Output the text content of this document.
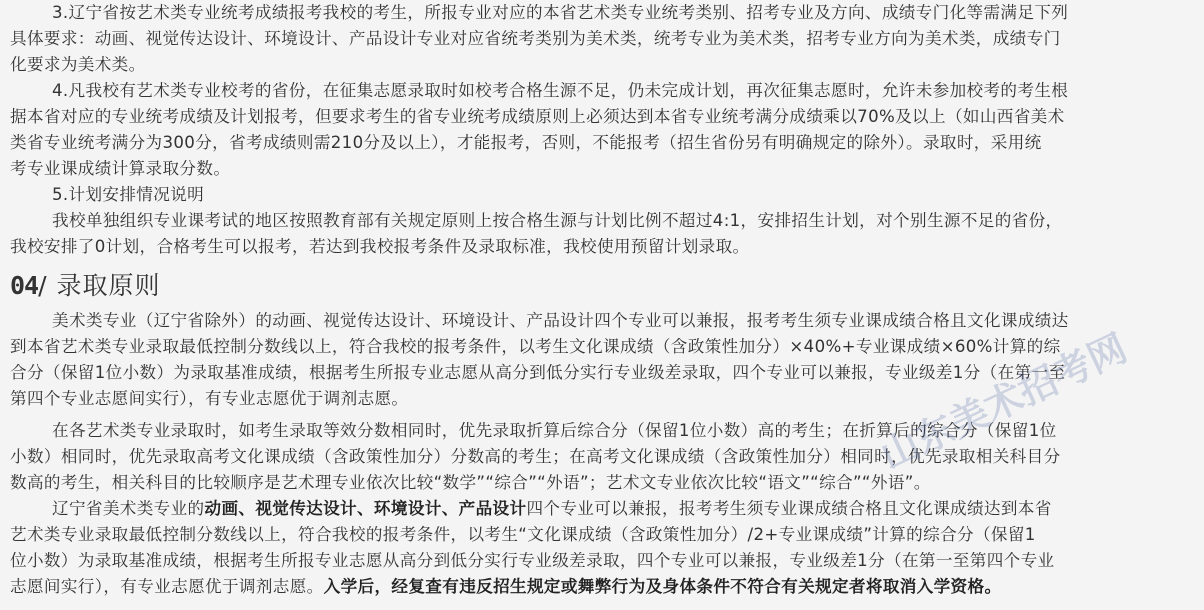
3.辽宁省按艺术类专业统考成绩报考我校的考生，所报专业对应的本省艺术类专业统考类别、招考专业及方向、成绩专门化等需满足下列
具体要求：动画、视觉传达设计、环境设计、产品设计专业对应省统考类别为美术类，统考专业为美术类，招考专业方向为美术类，成绩专门
化要求为美术类。
4.凡我校有艺术类专业校考的省份，在征集志愿录取时如校考合格生源不足，仍未完成计划，再次征集志愿时，允许未参加校考的考生根
据本省对应的专业统考成绩及计划报考，但要求考生的省专业统考成绩原则上必须达到本省专业统考满分成绩乘以70%及以上（如山西省美术
类省专业统考满分为300分，省考成绩则需210分及以上），才能报考，否则，不能报考（招生省份另有明确规定的除外）。录取时，采用统
考专业课成绩计算录取分数。
5.计划安排情况说明
我校单独组织专业课考试的地区按照教育部有关规定原则上按合格生源与计划比例不超过4:1，安排招生计划，对个别生源不足的省份，
我校安排了0计划，合格考生可以报考，若达到我校报考条件及录取标准，我校使用预留计划录取。
04/ 录取原则
美术类专业（辽宁省除外）的动画、视觉传达设计、环境设计、产品设计四个专业可以兼报，报考考生须专业课成绩合格且文化课成绩达
到本省艺术类专业录取最低控制分数线以上，符合我校的报考条件，以考生文化课成绩（含政策性加分）×40%+专业课成绩×60%计算的综
合分（保留1位小数）为录取基准成绩，根据考生所报专业志愿从高分到低分实行专业级差录取，四个专业可以兼报，专业级差1分（在第一至
第四个专业志愿间实行），有专业志愿优于调剂志愿。
在各艺术类专业录取时，如考生录取等效分数相同时，优先录取折算后综合分（保留1位小数）高的考生；在折算后的综合分（保留1位
小数）相同时，优先录取高考文化课成绩（含政策性加分）分数高的考生；在高考文化课成绩（含政策性加分）相同时，优先录取相关科目分
数高的考生，相关科目的比较顺序是艺术理专业依次比较“数学”“综合”“外语”；艺术文专业依次比较“语文”“综合”“外语”。
辽宁省美术类专业的动画、视觉传达设计、环境设计、产品设计四个专业可以兼报，报考考生须专业课成绩合格且文化课成绩达到本省
艺术类专业录取最低控制分数线以上，符合我校的报考条件，以考生“文化课成绩（含政策性加分）/2+专业课成绩”计算的综合分（保留1
位小数）为录取基准成绩，根据考生所报专业志愿从高分到低分实行专业级差录取，四个专业可以兼报，专业级差1分（在第一至第四个专业
志愿间实行），有专业志愿优于调剂志愿。入学后，经复查有违反招生规定或舞弊行为及身体条件不符合有关规定者将取消入学资格。
山东美术招考网
